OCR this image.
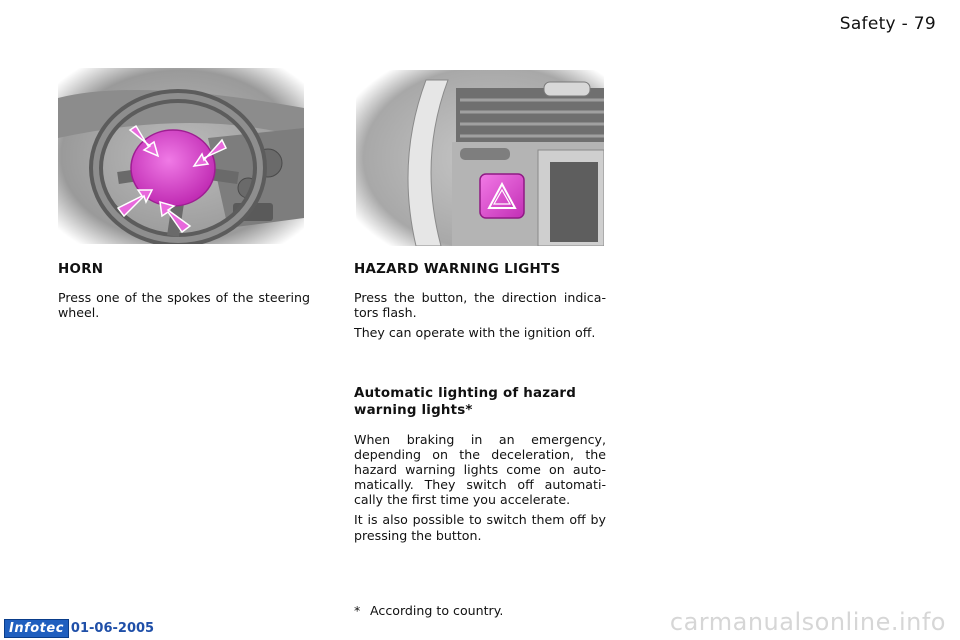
Safety - 79
HORN

Press one of the spokes of the steering wheel.

HAZARD WARNING LIGHTS

Press the button, the direction indica-tors flash.

They can operate with the ignition off.

Automatic lighting of hazard warning lights*

When braking in an emergency, depending on the deceleration, the hazard warning lights come on auto-matically. They switch off automati-cally the first time you accelerate.

It is also possible to switch them off by pressing the button.

* According to country.
Infotec 01-06-2005	carmanualsonline.info
